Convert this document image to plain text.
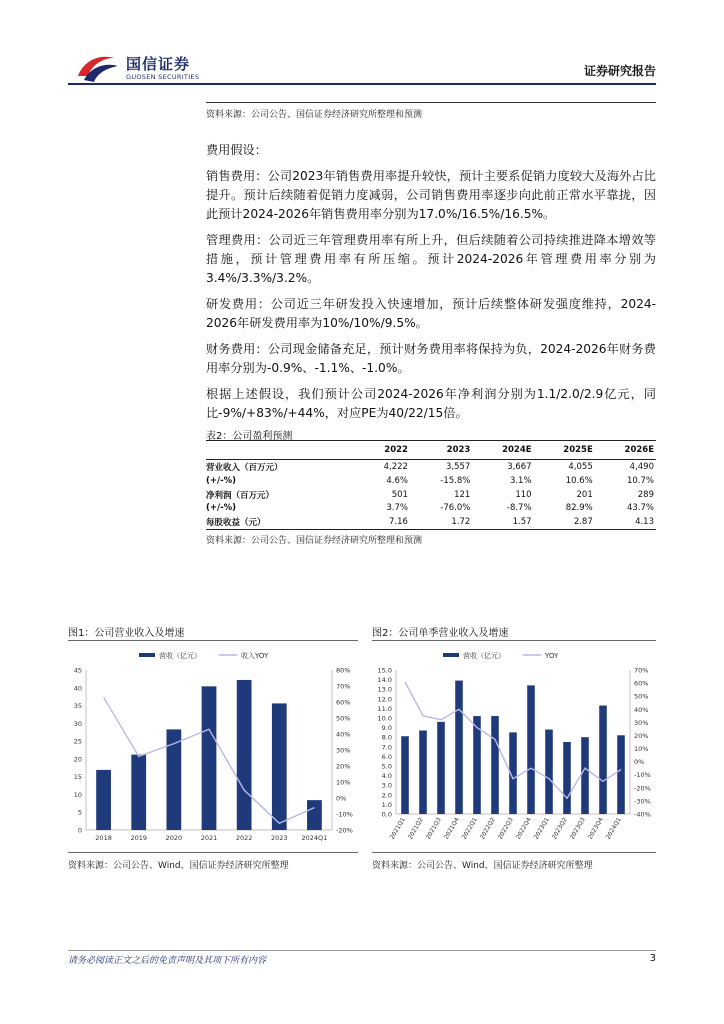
国信证券
GUOSEN SECURITIES	证券研究报告
资料来源：公司公告、国信证券经济研究所整理和预测

费用假设：

销售费用：公司2023年销售费用率提升较快，预计主要系促销力度较大及海外占比提升。预计后续随着促销力度减弱，公司销售费用率逐步向此前正常水平靠拢，因此预计2024-2026年销售费用率分别为17.0%/16.5%/16.5%。

管理费用：公司近三年管理费用率有所上升，但后续随着公司持续推进降本增效等措施，预计管理费用率有所压缩。预计2024-2026年管理费用率分别为3.4%/3.3%/3.2%。

研发费用：公司近三年研发投入快速增加，预计后续整体研发强度维持，2024-2026年研发费用率为10%/10%/9.5%。

财务费用：公司现金储备充足，预计财务费用率将保持为负，2024-2026年财务费用率分别为-0.9%、-1.1%、-1.0%。

根据上述假设，我们预计公司2024-2026年净利润分别为1.1/2.0/2.9亿元，同比-9%/+83%/+44%，对应PE为40/22/15倍。

表2：公司盈利预测
	2022	2023	2024E	2025E	2026E
营业收入（百万元）	4,222	3,557	3,667	4,055	4,490
(+/-%)	4.6%	-15.8%	3.1%	10.6%	10.7%
净利润（百万元）	501	121	110	201	289
(+/-%)	3.7%	-76.0%	-8.7%	82.9%	43.7%
每股收益（元）	7.16	1.72	1.57	2.87	4.13
资料来源：公司公告、国信证券经济研究所整理和预测
图1：公司营业收入及增速
0
5
10
15
20
25
30
35
40
45
-20%
-10%
0%
10%
20%
30%
40%
50%
60%
70%
80%
2018	2019	2020	2021	2022	2023 2024Q1
营收（亿元）	收入YOY
资料来源：公司公告、Wind、国信证券经济研究所整理
图2：公司单季营业收入及增速
0.0
1.0
2.0
3.0
4.0
5.0
6.0
7.0
8.0
9.0
10.0
11.0
12.0
13.0
14.0
15.0
-40%
-30%
-20%
-10%
0%
10%
20%
30%
40%
50%
60%
70%
2021Q1 2021Q2 2021Q3 2021Q4 2022Q1 2022Q2 2022Q3 2022Q4 2023Q1 2023Q2 2023Q3 2023Q4 2024Q1
营收（亿元）	YOY
资料来源：公司公告、Wind、国信证券经济研究所整理
请务必阅读正文之后的免责声明及其项下所有内容	3
